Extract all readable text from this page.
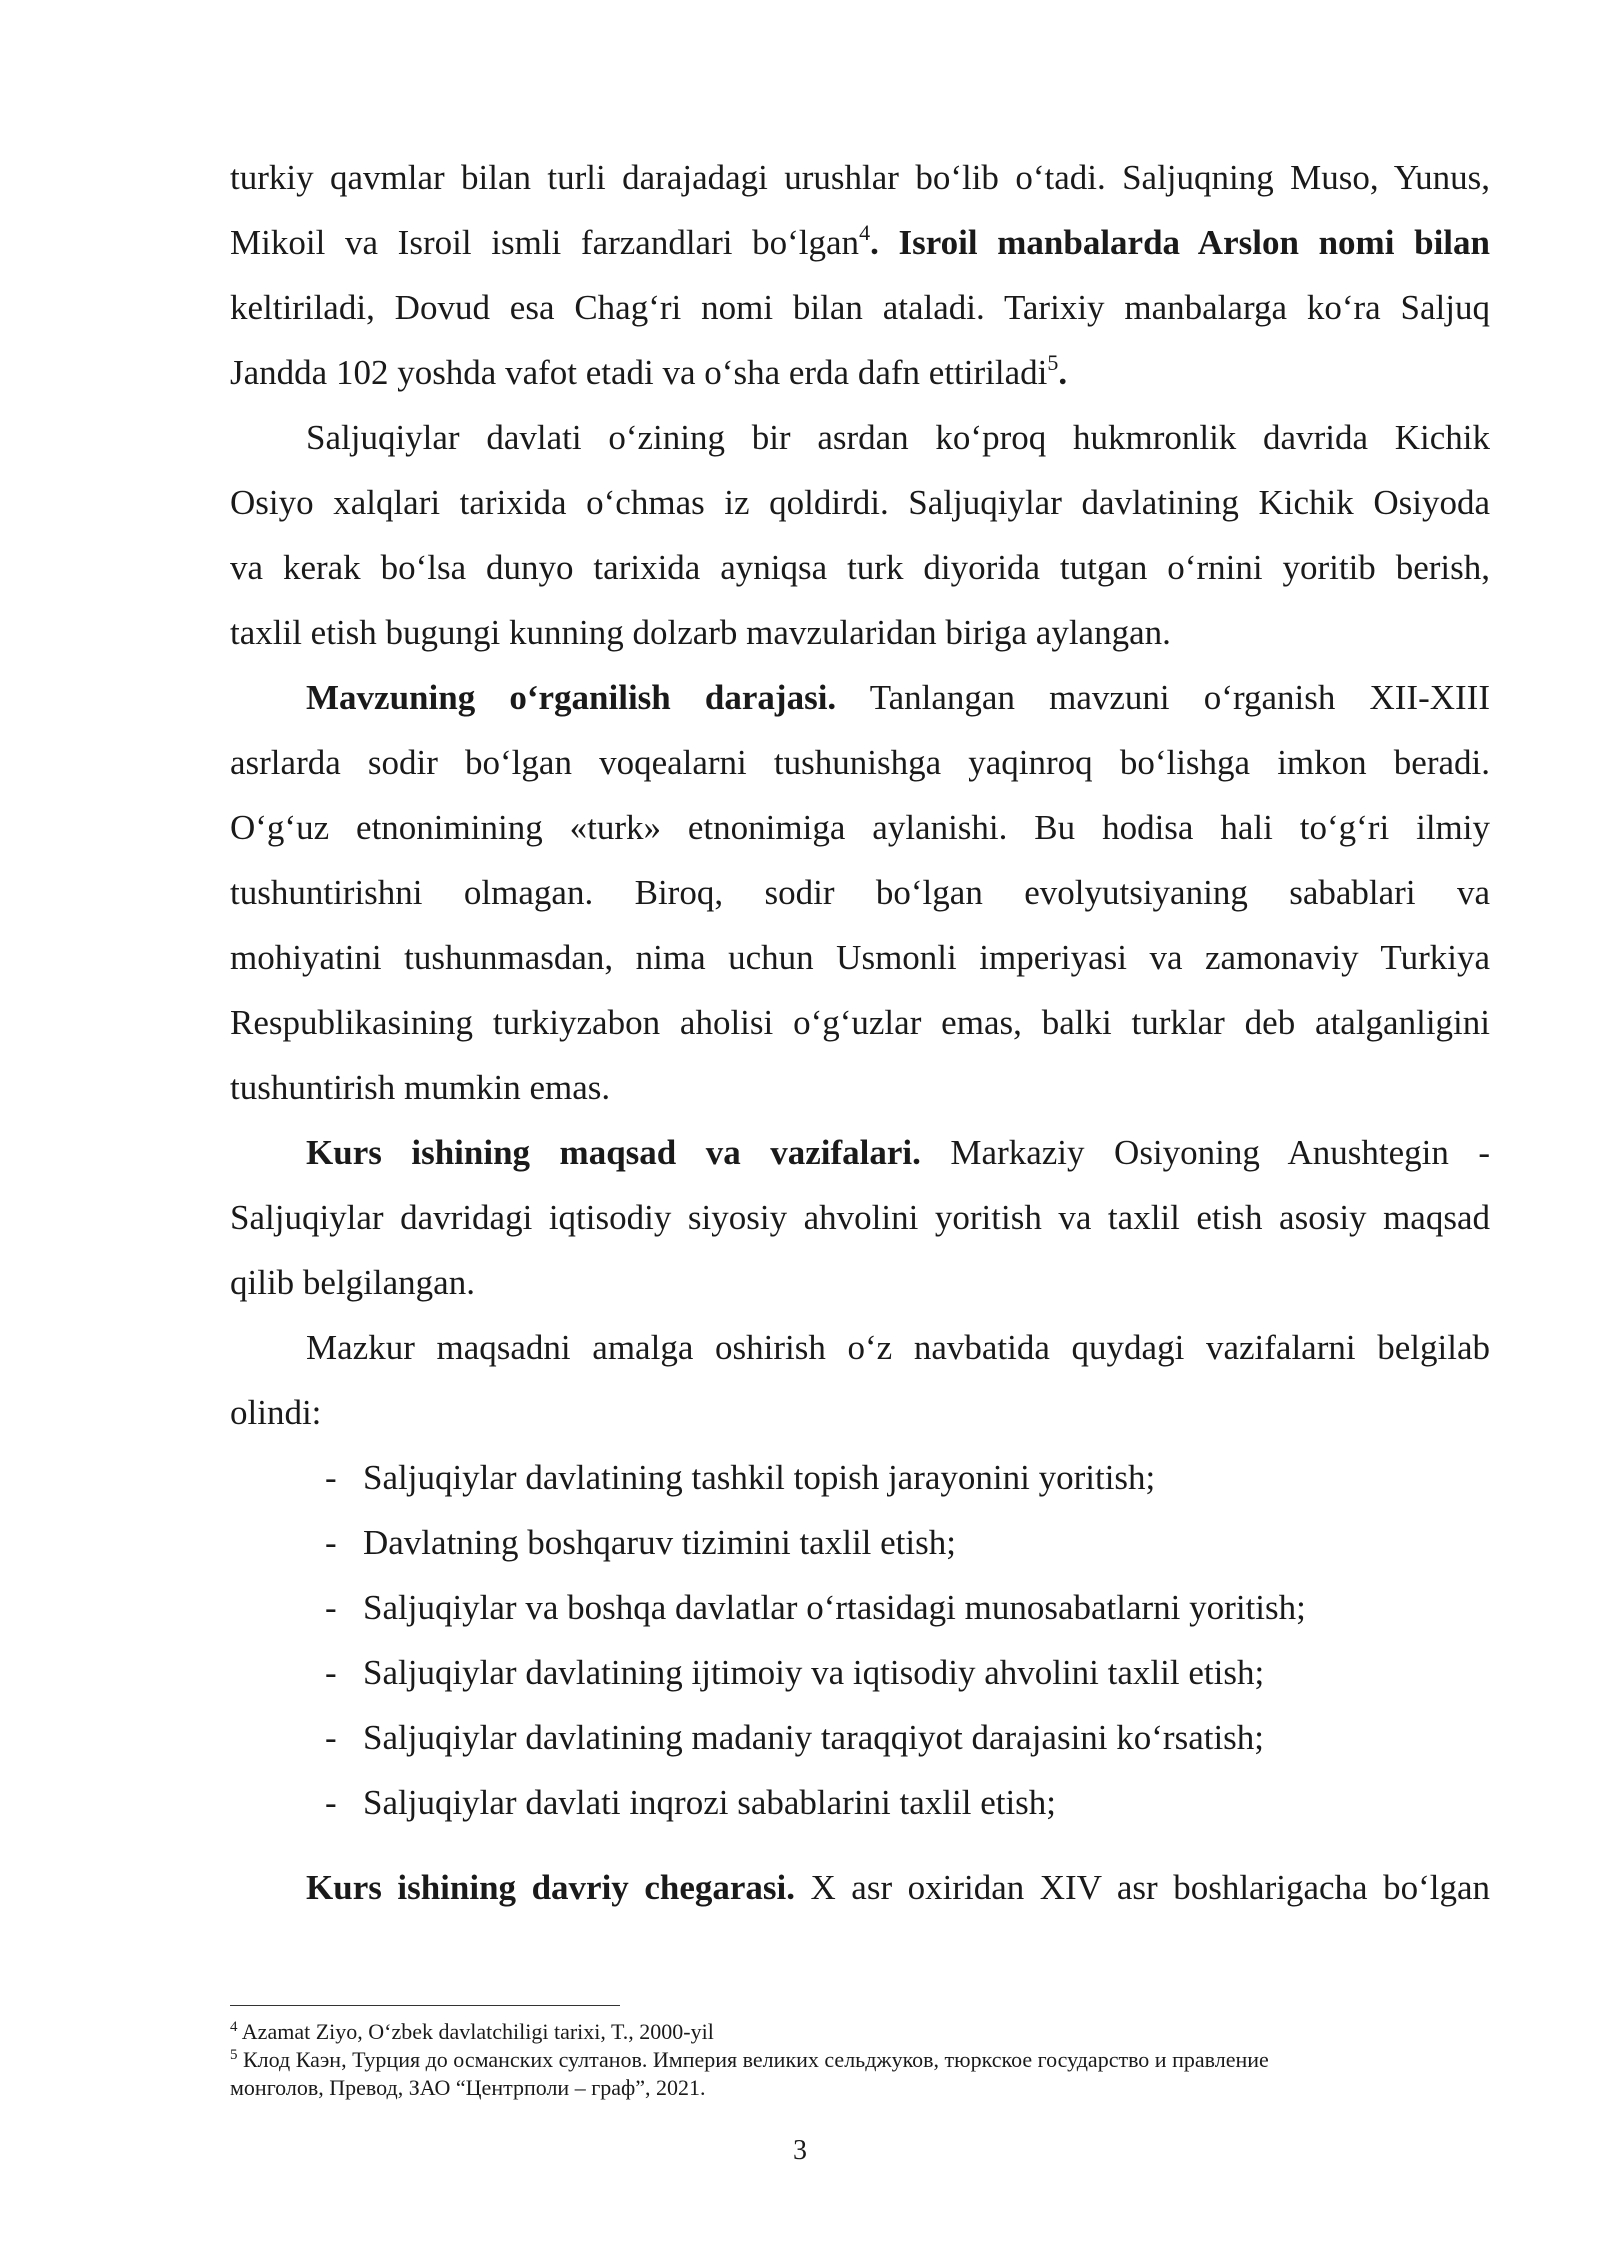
turkiy qavmlar bilan turli darajadagi urushlar bo‘lib o‘tadi. Saljuqning Muso, Yunus,
Mikoil va Isroil ismli farzandlari bo‘lgan$^4$. Isroil manbalarda Arslon nomi bilan
keltiriladi, Dovud esa Chag‘ri nomi bilan ataladi. Tarixiy manbalarga ko‘ra Saljuq
Jandda 102 yoshda vafot etadi va o‘sha erda dafn ettiriladi$^5$.
Saljuqiylar davlati o‘zining bir asrdan ko‘proq hukmronlik davrida Kichik
Osiyo xalqlari tarixida o‘chmas iz qoldirdi. Saljuqiylar davlatining Kichik Osiyoda
va kerak bo‘lsa dunyo tarixida ayniqsa turk diyorida tutgan o‘rnini yoritib berish,
taxlil etish bugungi kunning dolzarb mavzularidan biriga aylangan.
Mavzuning o‘rganilish darajasi. Tanlangan mavzuni o‘rganish XII-XIII
asrlarda sodir bo‘lgan voqealarni tushunishga yaqinroq bo‘lishga imkon beradi.
O‘g‘uz etnonimining «turk» etnonimiga aylanishi. Bu hodisa hali to‘g‘ri ilmiy
tushuntirishni olmagan. Biroq, sodir bo‘lgan evolyutsiyaning sabablari va
mohiyatini tushunmasdan, nima uchun Usmonli imperiyasi va zamonaviy Turkiya
Respublikasining turkiyzabon aholisi o‘g‘uzlar emas, balki turklar deb atalganligini
tushuntirish mumkin emas.
Kurs ishining maqsad va vazifalari. Markaziy Osiyoning Anushtegin -
Saljuqiylar davridagi iqtisodiy siyosiy ahvolini yoritish va taxlil etish asosiy maqsad
qilib belgilangan.
Mazkur maqsadni amalga oshirish o‘z navbatida quydagi vazifalarni belgilab
olindi:
- Saljuqiylar davlatining tashkil topish jarayonini yoritish;
- Davlatning boshqaruv tizimini taxlil etish;
- Saljuqiylar va boshqa davlatlar o‘rtasidagi munosabatlarni yoritish;
- Saljuqiylar davlatining ijtimoiy va iqtisodiy ahvolini taxlil etish;
- Saljuqiylar davlatining madaniy taraqqiyot darajasini ko‘rsatish;
- Saljuqiylar davlati inqrozi sabablarini taxlil etish;
Kurs ishining davriy chegarasi. X asr oxiridan XIV asr boshlarigacha bo‘lgan
$^4$ Azamat Ziyo, O‘zbek davlatchiligi tarixi, T., 2000-yil
$^5$ Клод Каэн, Турция до османских султанов. Империя великих сельджуков, тюркское государство и правление
монголов, Превод, ЗАО “Центрполи – граф”, 2021.
3
